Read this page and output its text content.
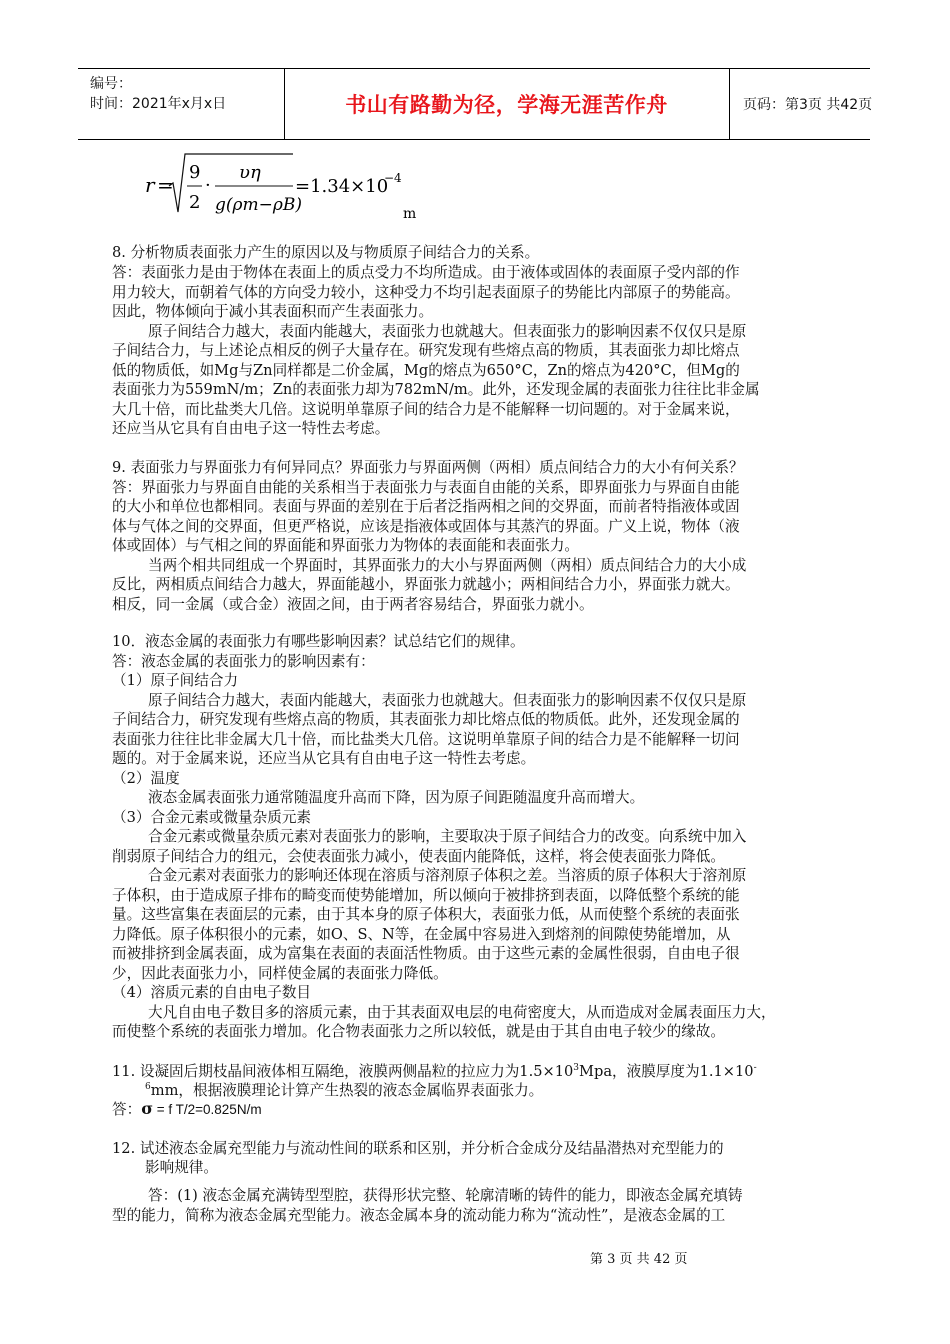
编号：
时间：2021年x月x日	书山有路勤为径，学海无涯苦作舟	页码：第3页 共42页
r =
9
2
·
υη
g(ρm−ρB)
=1.34×10
−4
m
8. 分析物质表面张力产生的原因以及与物质原子间结合力的关系。
答：表面张力是由于物体在表面上的质点受力不均所造成。由于液体或固体的表面原子受内部的作
用力较大，而朝着气体的方向受力较小，这种受力不均引起表面原子的势能比内部原子的势能高。
因此，物体倾向于减小其表面积而产生表面张力。
原子间结合力越大，表面内能越大，表面张力也就越大。但表面张力的影响因素不仅仅只是原
子间结合力，与上述论点相反的例子大量存在。研究发现有些熔点高的物质，其表面张力却比熔点
低的物质低，如Mg与Zn同样都是二价金属，Mg的熔点为650°C，Zn的熔点为420°C，但Mg的
表面张力为559mN/m；Zn的表面张力却为782mN/m。此外，还发现金属的表面张力往往比非金属
大几十倍，而比盐类大几倍。这说明单靠原子间的结合力是不能解释一切问题的。对于金属来说，
还应当从它具有自由电子这一特性去考虑。
9. 表面张力与界面张力有何异同点？界面张力与界面两侧（两相）质点间结合力的大小有何关系？
答：界面张力与界面自由能的关系相当于表面张力与表面自由能的关系，即界面张力与界面自由能
的大小和单位也都相同。表面与界面的差别在于后者泛指两相之间的交界面，而前者特指液体或固
体与气体之间的交界面，但更严格说，应该是指液体或固体与其蒸汽的界面。广义上说，物体（液
体或固体）与气相之间的界面能和界面张力为物体的表面能和表面张力。
当两个相共同组成一个界面时，其界面张力的大小与界面两侧（两相）质点间结合力的大小成
反比，两相质点间结合力越大，界面能越小，界面张力就越小；两相间结合力小，界面张力就大。
相反，同一金属（或合金）液固之间，由于两者容易结合，界面张力就小。
10．液态金属的表面张力有哪些影响因素？试总结它们的规律。
答：液态金属的表面张力的影响因素有：
（1）原子间结合力
原子间结合力越大，表面内能越大，表面张力也就越大。但表面张力的影响因素不仅仅只是原
子间结合力，研究发现有些熔点高的物质，其表面张力却比熔点低的物质低。此外，还发现金属的
表面张力往往比非金属大几十倍，而比盐类大几倍。这说明单靠原子间的结合力是不能解释一切问
题的。对于金属来说，还应当从它具有自由电子这一特性去考虑。
（2）温度
液态金属表面张力通常随温度升高而下降，因为原子间距随温度升高而增大。
（3）合金元素或微量杂质元素
合金元素或微量杂质元素对表面张力的影响，主要取决于原子间结合力的改变。向系统中加入
削弱原子间结合力的组元，会使表面张力减小，使表面内能降低，这样，将会使表面张力降低。
合金元素对表面张力的影响还体现在溶质与溶剂原子体积之差。当溶质的原子体积大于溶剂原
子体积，由于造成原子排布的畸变而使势能增加，所以倾向于被排挤到表面，以降低整个系统的能
量。这些富集在表面层的元素，由于其本身的原子体积大，表面张力低，从而使整个系统的表面张
力降低。原子体积很小的元素，如O、S、N等，在金属中容易进入到熔剂的间隙使势能增加，从
而被排挤到金属表面，成为富集在表面的表面活性物质。由于这些元素的金属性很弱，自由电子很
少，因此表面张力小，同样使金属的表面张力降低。
（4）溶质元素的自由电子数目
大凡自由电子数目多的溶质元素，由于其表面双电层的电荷密度大，从而造成对金属表面压力大，
而使整个系统的表面张力增加。化合物表面张力之所以较低，就是由于其自由电子较少的缘故。
11. 设凝固后期枝晶间液体相互隔绝，液膜两侧晶粒的拉应力为$1.5\times 10^3Mpa$，液膜厚度为1.1×10-
$^6$mm，根据液膜理论计算产生热裂的液态金属临界表面张力。
答：σ = f T/2=0.825N/m
12. 试述液态金属充型能力与流动性间的联系和区别，并分析合金成分及结晶潜热对充型能力的
影响规律。
答：(1) 液态金属充满铸型型腔，获得形状完整、轮廓清晰的铸件的能力，即液态金属充填铸
型的能力，简称为液态金属充型能力。液态金属本身的流动能力称为“流动性”，是液态金属的工
第 3 页 共 42 页
